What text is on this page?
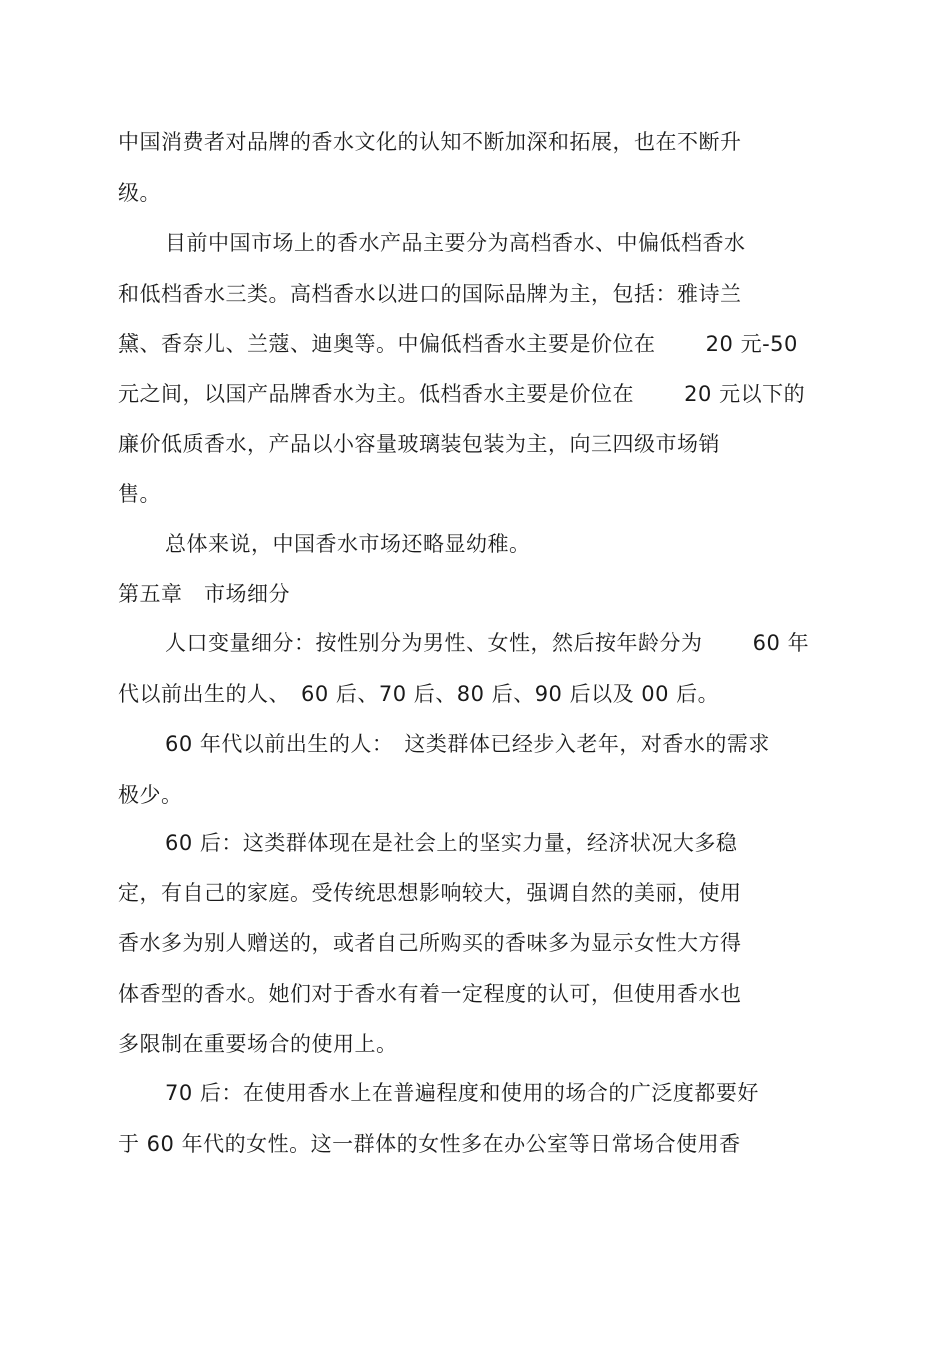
中国消费者对品牌的香水文化的认知不断加深和拓展，也在不断升
级。
目前中国市场上的香水产品主要分为高档香水、中偏低档香水
和低档香水三类。高档香水以进口的国际品牌为主，包括：雅诗兰
黛、香奈儿、兰蔻、迪奥等。中偏低档香水主要是价位在　　 20 元-50
元之间，以国产品牌香水为主。低档香水主要是价位在　　 20 元以下的
廉价低质香水，产品以小容量玻璃装包装为主，向三四级市场销
售。
总体来说，中国香水市场还略显幼稚。
第五章　市场细分
人口变量细分：按性别分为男性、女性，然后按年龄分为　　 60 年
代以前出生的人、　60 后、70 后、80 后、90 后以及 00 后。
60 年代以前出生的人：　这类群体已经步入老年，对香水的需求
极少。
60 后：这类群体现在是社会上的坚实力量，经济状况大多稳
定，有自己的家庭。受传统思想影响较大，强调自然的美丽，使用
香水多为别人赠送的，或者自己所购买的香味多为显示女性大方得
体香型的香水。她们对于香水有着一定程度的认可，但使用香水也
多限制在重要场合的使用上。
70 后：在使用香水上在普遍程度和使用的场合的广泛度都要好
于 60 年代的女性。这一群体的女性多在办公室等日常场合使用香
